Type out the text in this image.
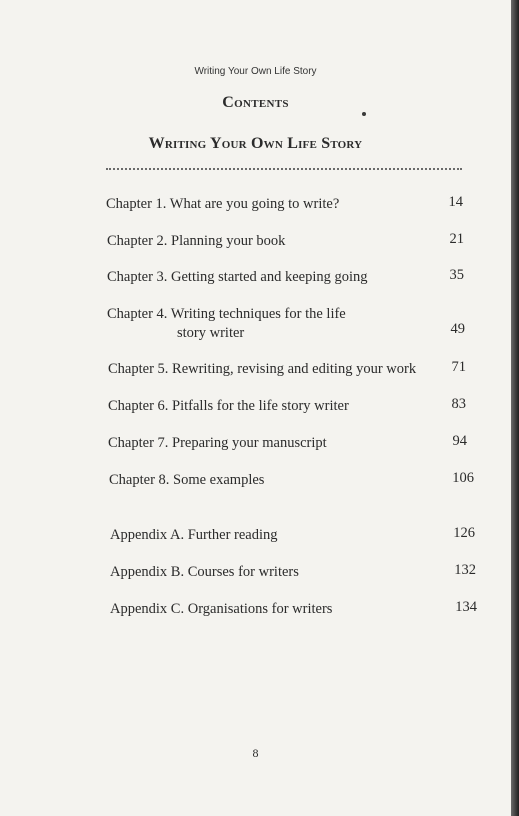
Writing Your Own Life Story
Contents
Writing Your Own Life Story
Chapter 1. What are you going to write?	14
Chapter 2. Planning your book	21
Chapter 3. Getting started and keeping going	35
Chapter 4. Writing techniques for the life
story writer	49
Chapter 5. Rewriting, revising and editing your work	71
Chapter 6. Pitfalls for the life story writer	83
Chapter 7. Preparing your manuscript	94
Chapter 8. Some examples	106
Appendix A. Further reading	126
Appendix B. Courses for writers	132
Appendix C. Organisations for writers	134
8
